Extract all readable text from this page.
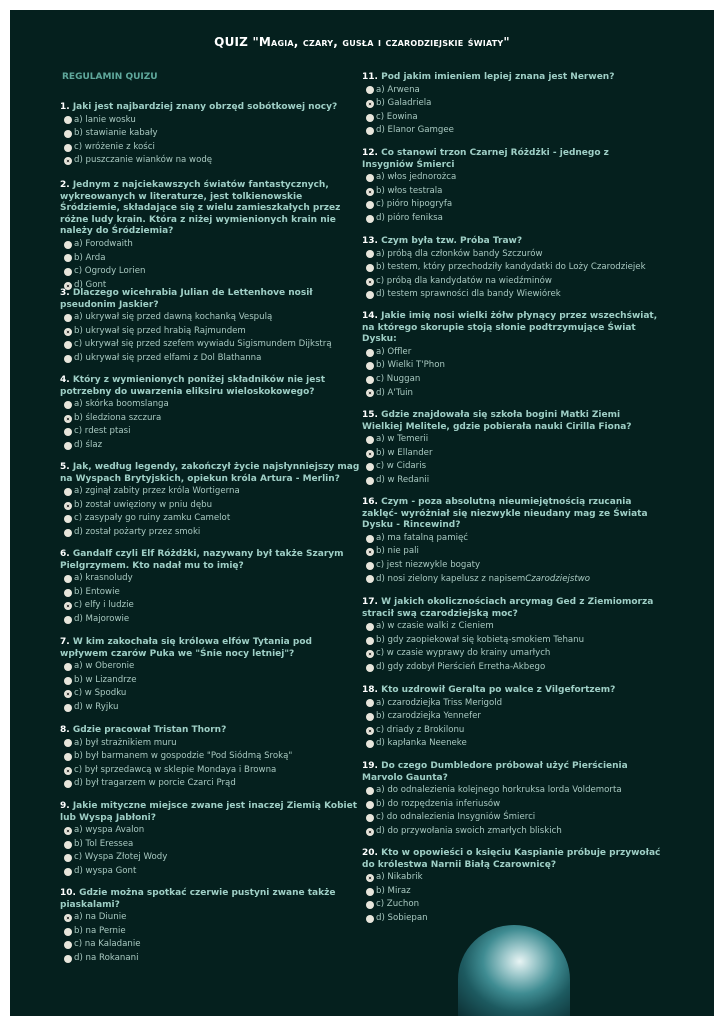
QUIZ "Magia, czary, gusła i czarodziejskie światy"
REGULAMIN QUIZU
1. Jaki jest najbardziej znany obrzęd sobótkowej nocy?
a) lanie wosku
b) stawianie kabały
c) wróżenie z kości
d) puszczanie wianków na wodę
2. Jednym z najciekawszych światów fantastycznych, wykreowanych w literaturze, jest tolkienowskie Śródziemie, składające się z wielu zamieszkałych przez różne ludy krain. Która z niżej wymienionych krain nie należy do Śródziemia?
a) Forodwaith
b) Arda
c) Ogrody Lorien
d) Gont
3. Dlaczego wicehrabia Julian de Lettenhove nosił pseudonim Jaskier?
a) ukrywał się przed dawną kochanką Vespulą
b) ukrywał się przed hrabią Rajmundem
c) ukrywał się przed szefem wywiadu Sigismundem Dijkstrą
d) ukrywał się przed elfami z Dol Blathanna
4. Który z wymienionych poniżej składników nie jest potrzebny do uwarzenia eliksiru wieloskokowego?
a) skórka boomslanga
b) śledziona szczura
c) rdest ptasi
d) ślaz
5. Jak, według legendy, zakończył życie najsłynniejszy mag na Wyspach Brytyjskich, opiekun króla Artura - Merlin?
a) zginął zabity przez króla Wortigerna
b) został uwięziony w pniu dębu
c) zasypały go ruiny zamku Camelot
d) został pożarty przez smoki
6. Gandalf czyli Elf Różdżki, nazywany był także Szarym Pielgrzymem. Kto nadał mu to imię?
a) krasnoludy
b) Entowie
c) elfy i ludzie
d) Majorowie
7. W kim zakochała się królowa elfów Tytania pod wpływem czarów Puka we "Śnie nocy letniej"?
a) w Oberonie
b) w Lizandrze
c) w Spodku
d) w Ryjku
8. Gdzie pracował Tristan Thorn?
a) był strażnikiem muru
b) był barmanem w gospodzie "Pod Siódmą Sroką"
c) był sprzedawcą w sklepie Mondaya i Browna
d) był tragarzem w porcie Czarci Prąd
9. Jakie mityczne miejsce zwane jest inaczej Ziemią Kobiet lub Wyspą Jabłoni?
a) wyspa Avalon
b) Tol Eressea
c) Wyspa Złotej Wody
d) wyspa Gont
10. Gdzie można spotkać czerwie pustyni zwane także piaskalami?
a) na Diunie
b) na Pernie
c) na Kaladanie
d) na Rokanani
11. Pod jakim imieniem lepiej znana jest Nerwen?
a) Arwena
b) Galadriela
c) Eowina
d) Elanor Gamgee
12. Co stanowi trzon Czarnej Różdżki - jednego z Insygniów Śmierci
a) włos jednorożca
b) włos testrala
c) pióro hipogryfa
d) pióro feniksa
13. Czym była tzw. Próba Traw?
a) próbą dla członków bandy Szczurów
b) testem, który przechodziły kandydatki do Loży Czarodziejek
c) próbą dla kandydatów na wiedźminów
d) testem sprawności dla bandy Wiewiórek
14. Jakie imię nosi wielki żółw płynący przez wszechświat, na którego skorupie stoją słonie podtrzymujące Świat Dysku:
a) Offler
b) Wielki T'Phon
c) Nuggan
d) A'Tuin
15. Gdzie znajdowała się szkoła bogini Matki Ziemi Wielkiej Melitele, gdzie pobierała nauki Cirilla Fiona?
a) w Temerii
b) w Ellander
c) w Cidaris
d) w Redanii
16. Czym - poza absolutną nieumiejętnością rzucania zaklęć- wyróżniał się niezwykle nieudany mag ze Świata Dysku - Rincewind?
a) ma fatalną pamięć
b) nie pali
c) jest niezwykle bogaty
d) nosi zielony kapelusz z napisem Czarodziejstwo
17. W jakich okolicznościach arcymag Ged z Ziemiomorza stracił swą czarodziejską moc?
a) w czasie walki z Cieniem
b) gdy zaopiekował się kobietą-smokiem Tehanu
c) w czasie wyprawy do krainy umarłych
d) gdy zdobył Pierścień Erretha-Akbego
18. Kto uzdrowił Geralta po walce z Vilgefortzem?
a) czarodziejka Triss Merigold
b) czarodziejka Yennefer
c) driady z Brokilonu
d) kapłanka Neeneke
19. Do czego Dumbledore próbował użyć Pierścienia Marvolo Gaunta?
a) do odnalezienia kolejnego horkruksa lorda Voldemorta
b) do rozpędzenia inferiusów
c) do odnalezienia Insygniów Śmierci
d) do przywołania swoich zmarłych bliskich
20. Kto w opowieści o księciu Kaspianie próbuje przywołać do królestwa Narnii Białą Czarownicę?
a) Nikabrik
b) Miraz
c) Zuchon
d) Sobiepan
